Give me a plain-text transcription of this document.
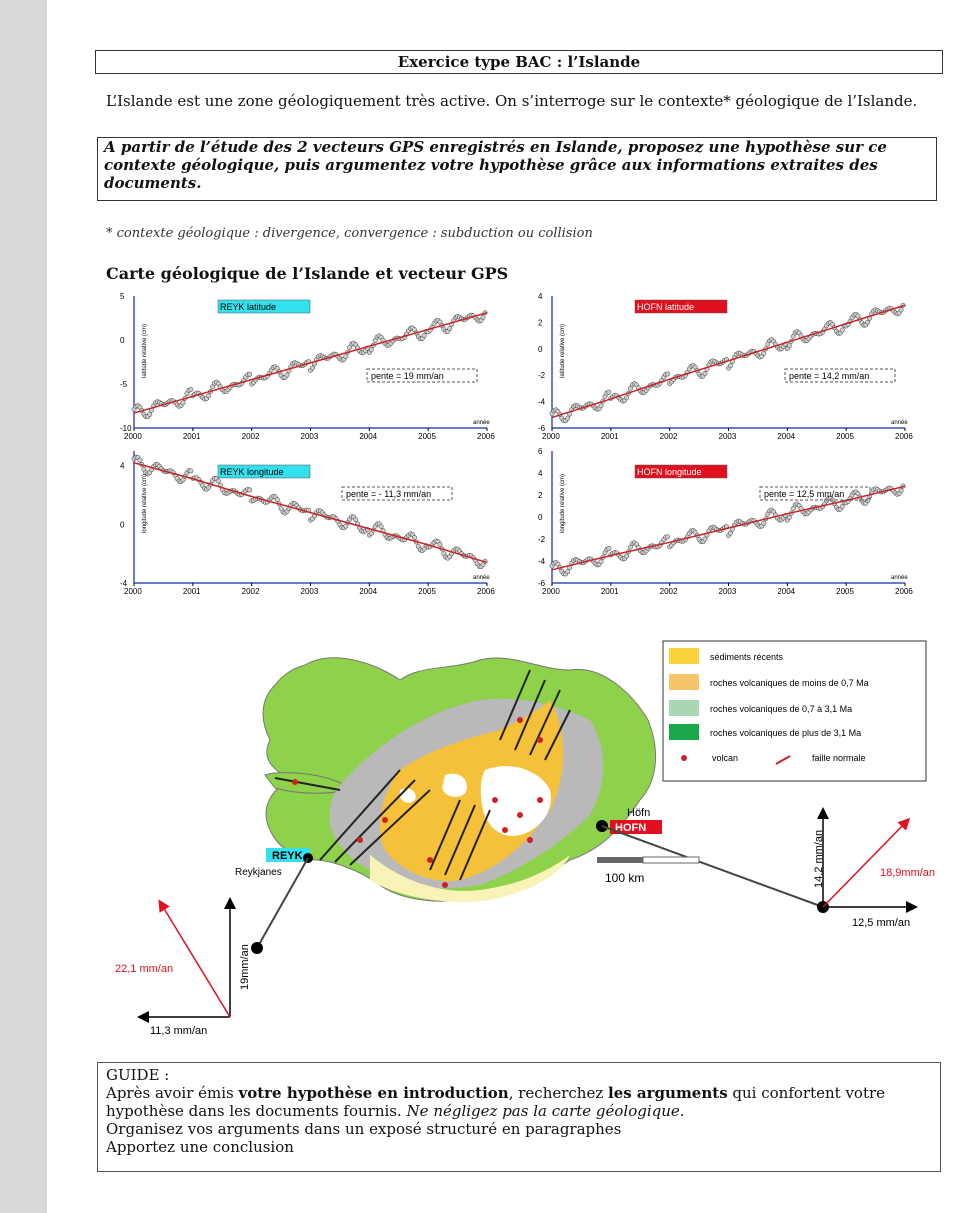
Exercice type BAC : l’Islande
L’Islande est une zone géologiquement très active. On s’interroge sur le contexte* géologique de l’Islande.
A partir de l’étude des 2 vecteurs GPS enregistrés en Islande, proposez une hypothèse sur ce contexte géologique, puis argumentez votre hypothèse grâce aux informations extraites des documents.
* contexte géologique : divergence, convergence : subduction ou collision
Carte géologique de l’Islande et vecteur GPS
2000	2001	2002	2003	2004	2005	2006
5
0
-5
-10
REYK latitude
pente = 19 mm/an
latitude relative (cm)
année
2000	2001	2002	2003	2004	2005	2006
4
2
0
-2
-4
-6
HOFN latitude
pente = 14,2 mm/an
latitude relative (cm)
année
2000	2001	2002	2003	2004	2005	2006
4
0
-4
REYK longitude
pente = - 11,3 mm/an
longitude relative (cm)
année
2000	2001	2002	2003	2004	2005	2006
6
4
2
0
-2
-4
-6
HOFN longitude
pente = 12,5 mm/an
longitude relative (cm)
année
sédiments récents
roches volcaniques de moins de 0,7 Ma
roches volcaniques de 0,7 à 3,1 Ma
roches volcaniques de plus de 3,1 Ma
volcan	faille normale
REYK
Reykjanes
HOFN
Höfn
100 km
19mm/an
11,3 mm/an
22,1 mm/an
14,2 mm/an
12,5 mm/an
18,9mm/an
GUIDE :
Après avoir émis votre hypothèse en introduction, recherchez les arguments qui confortent votre hypothèse dans les documents fournis. Ne négligez pas la carte géologique.
Organisez vos arguments dans un exposé structuré en paragraphes
Apportez une conclusion
